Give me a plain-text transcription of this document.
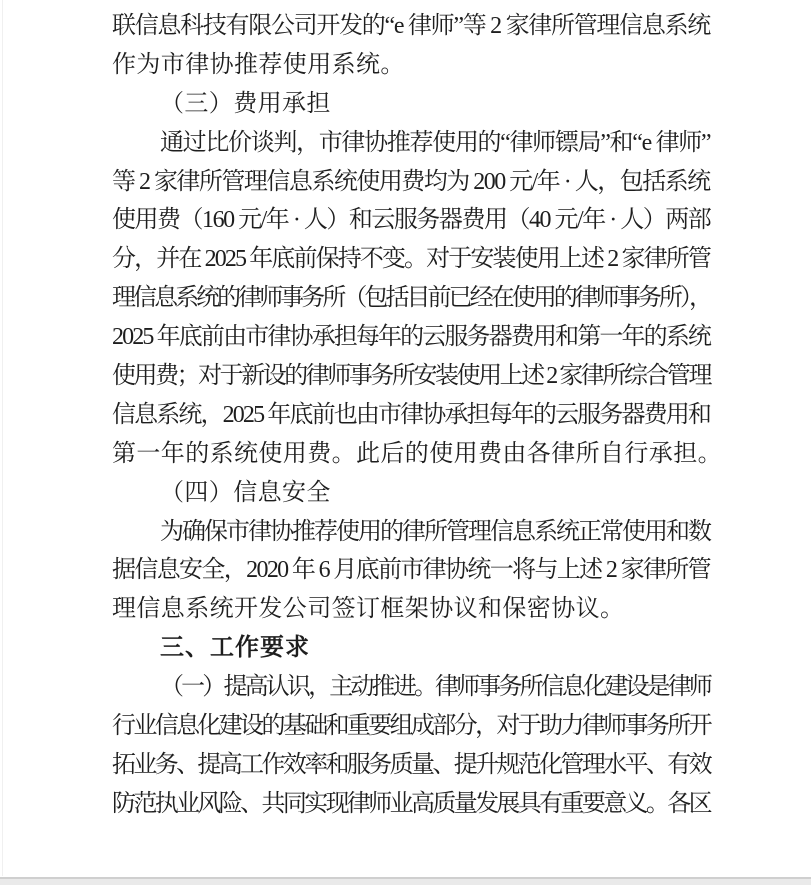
联信息科技有限公司开发的“e 律师”等 2 家律所管理信息系统
作为市律协推荐使用系统。
（三）费用承担
通过比价谈判，市律协推荐使用的“律师镖局”和“e 律师”
等 2 家律所管理信息系统使用费均为 200 元/年 · 人，包括系统
使用费（160 元/年 · 人）和云服务器费用（40 元/年 · 人）两部
分，并在 2025 年底前保持不变。对于安装使用上述 2 家律所管
理信息系统的律师事务所（包括目前已经在使用的律师事务所），
2025 年底前由市律协承担每年的云服务器费用和第一年的系统
使用费；对于新设的律师事务所安装使用上述 2 家律所综合管理
信息系统，2025 年底前也由市律协承担每年的云服务器费用和
第一年的系统使用费。此后的使用费由各律所自行承担。
（四）信息安全
为确保市律协推荐使用的律所管理信息系统正常使用和数
据信息安全，2020 年 6 月底前市律协统一将与上述 2 家律所管
理信息系统开发公司签订框架协议和保密协议。
三、工作要求
（一）提高认识，主动推进。律师事务所信息化建设是律师
行业信息化建设的基础和重要组成部分，对于助力律师事务所开
拓业务、提高工作效率和服务质量、提升规范化管理水平、有效
防范执业风险、共同实现律师业高质量发展具有重要意义。各区
